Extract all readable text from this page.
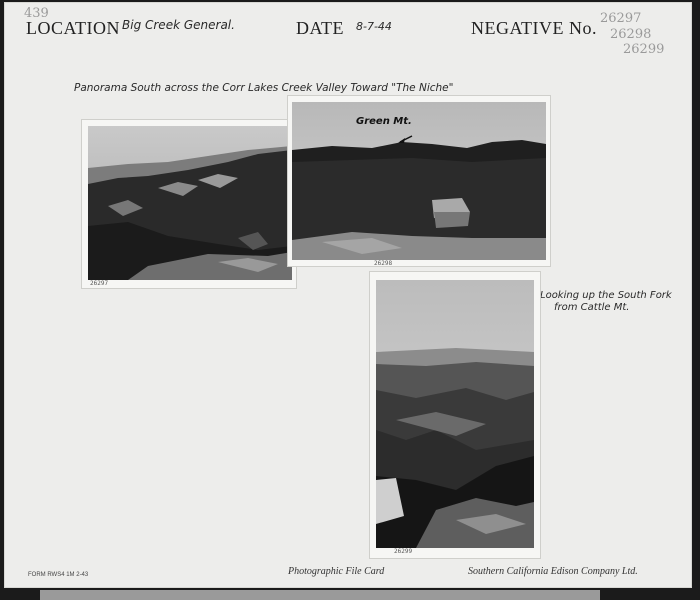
439
LOCATION Big Creek General.	DATE 8-7-44	NEGATIVE No. 26297
26298
26299
Panorama South across the Corr Lakes Creek Valley Toward "The Niche"
26297
Green Mt.
26298
Looking up the South Fork
from Cattle Mt.
26299
FORM RWS4 1M 2-43	Photographic File Card	Southern California Edison Company Ltd.
